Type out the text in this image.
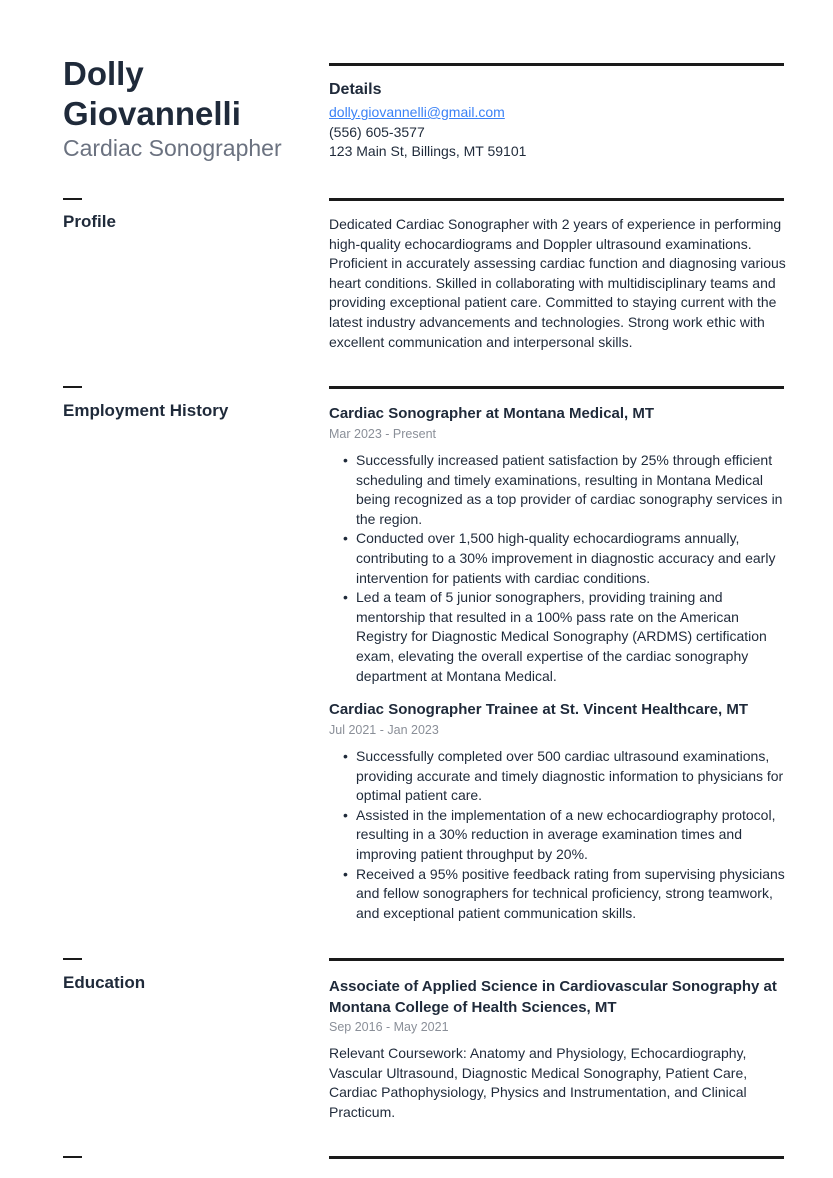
Dolly
Giovannelli
Cardiac Sonographer
Details
dolly.giovannelli@gmail.com
(556) 605-3577
123 Main St, Billings, MT 59101
Profile	Dedicated Cardiac Sonographer with 2 years of experience in performing
high-quality echocardiograms and Doppler ultrasound examinations.
Proficient in accurately assessing cardiac function and diagnosing various
heart conditions. Skilled in collaborating with multidisciplinary teams and
providing exceptional patient care. Committed to staying current with the
latest industry advancements and technologies. Strong work ethic with
excellent communication and interpersonal skills.
Employment History	Cardiac Sonographer at Montana Medical, MT
Mar 2023 - Present
• Successfully increased patient satisfaction by 25% through efficient
scheduling and timely examinations, resulting in Montana Medical
being recognized as a top provider of cardiac sonography services in
the region.
• Conducted over 1,500 high-quality echocardiograms annually,
contributing to a 30% improvement in diagnostic accuracy and early
intervention for patients with cardiac conditions.
• Led a team of 5 junior sonographers, providing training and
mentorship that resulted in a 100% pass rate on the American
Registry for Diagnostic Medical Sonography (ARDMS) certification
exam, elevating the overall expertise of the cardiac sonography
department at Montana Medical.
Cardiac Sonographer Trainee at St. Vincent Healthcare, MT
Jul 2021 - Jan 2023
• Successfully completed over 500 cardiac ultrasound examinations,
providing accurate and timely diagnostic information to physicians for
optimal patient care.
• Assisted in the implementation of a new echocardiography protocol,
resulting in a 30% reduction in average examination times and
improving patient throughput by 20%.
• Received a 95% positive feedback rating from supervising physicians
and fellow sonographers for technical proficiency, strong teamwork,
and exceptional patient communication skills.
Education	Associate of Applied Science in Cardiovascular Sonography at
Montana College of Health Sciences, MT
Sep 2016 - May 2021
Relevant Coursework: Anatomy and Physiology, Echocardiography,
Vascular Ultrasound, Diagnostic Medical Sonography, Patient Care,
Cardiac Pathophysiology, Physics and Instrumentation, and Clinical
Practicum.
